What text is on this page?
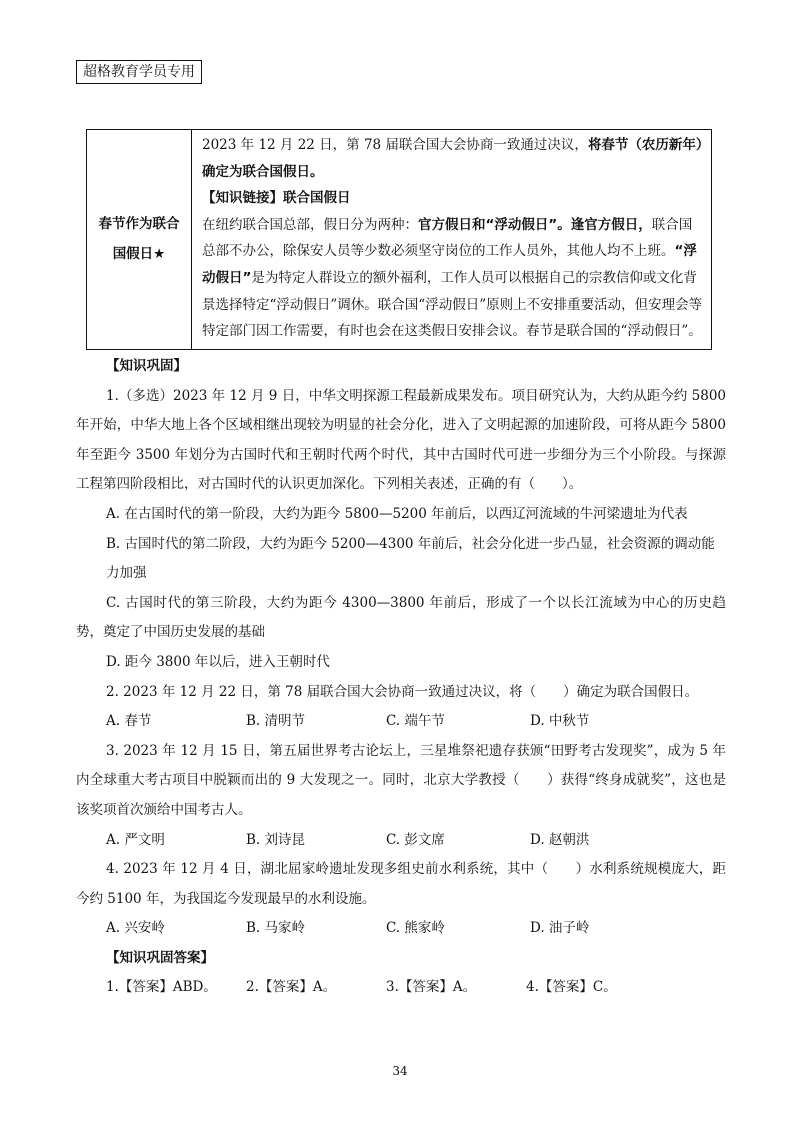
超格教育学员专用
春节作为联合
国假日★

2023 年 12 月 22 日，第 78 届联合国大会协商一致通过决议，将春节（农历新年）确定为联合国假日。
【知识链接】联合国假日
在纽约联合国总部，假日分为两种：官方假日和“浮动假日”。逢官方假日，联合国总部不办公，除保安人员等少数必须坚守岗位的工作人员外，其他人均不上班。“浮动假日”是为特定人群设立的额外福利，工作人员可以根据自己的宗教信仰或文化背景选择特定“浮动假日”调休。联合国“浮动假日”原则上不安排重要活动，但安理会等特定部门因工作需要，有时也会在这类假日安排会议。春节是联合国的“浮动假日”。
【知识巩固】

1.（多选）2023 年 12 月 9 日，中华文明探源工程最新成果发布。项目研究认为，大约从距今约 5800 年开始，中华大地上各个区域相继出现较为明显的社会分化，进入了文明起源的加速阶段，可将从距今 5800 年至距今 3500 年划分为古国时代和王朝时代两个时代，其中古国时代可进一步细分为三个小阶段。与探源工程第四阶段相比，对古国时代的认识更加深化。下列相关表述，正确的有（　　）。

A. 在古国时代的第一阶段，大约为距今 5800—5200 年前后，以西辽河流域的牛河梁遗址为代表

B. 古国时代的第二阶段，大约为距今 5200—4300 年前后，社会分化进一步凸显，社会资源的调动能力加强

C. 古国时代的第三阶段，大约为距今 4300—3800 年前后，形成了一个以长江流域为中心的历史趋势，奠定了中国历史发展的基础

D. 距今 3800 年以后，进入王朝时代

2. 2023 年 12 月 22 日，第 78 届联合国大会协商一致通过决议，将（　　）确定为联合国假日。

A. 春节	B. 清明节	C. 端午节	D. 中秋节

3. 2023 年 12 月 15 日，第五届世界考古论坛上，三星堆祭祀遗存获颁“田野考古发现奖”，成为 5 年内全球重大考古项目中脱颖而出的 9 大发现之一。同时，北京大学教授（　　）获得“终身成就奖”，这也是该奖项首次颁给中国考古人。

A. 严文明	B. 刘诗昆	C. 彭文席	D. 赵朝洪

4. 2023 年 12 月 4 日，湖北屈家岭遗址发现多组史前水利系统，其中（　　）水利系统规模庞大，距今约 5100 年，为我国迄今发现最早的水利设施。

A. 兴安岭	B. 马家岭	C. 熊家岭	D. 油子岭
【知识巩固答案】
1.【答案】ABD。	2.【答案】A。	3.【答案】A。	4.【答案】C。
34
